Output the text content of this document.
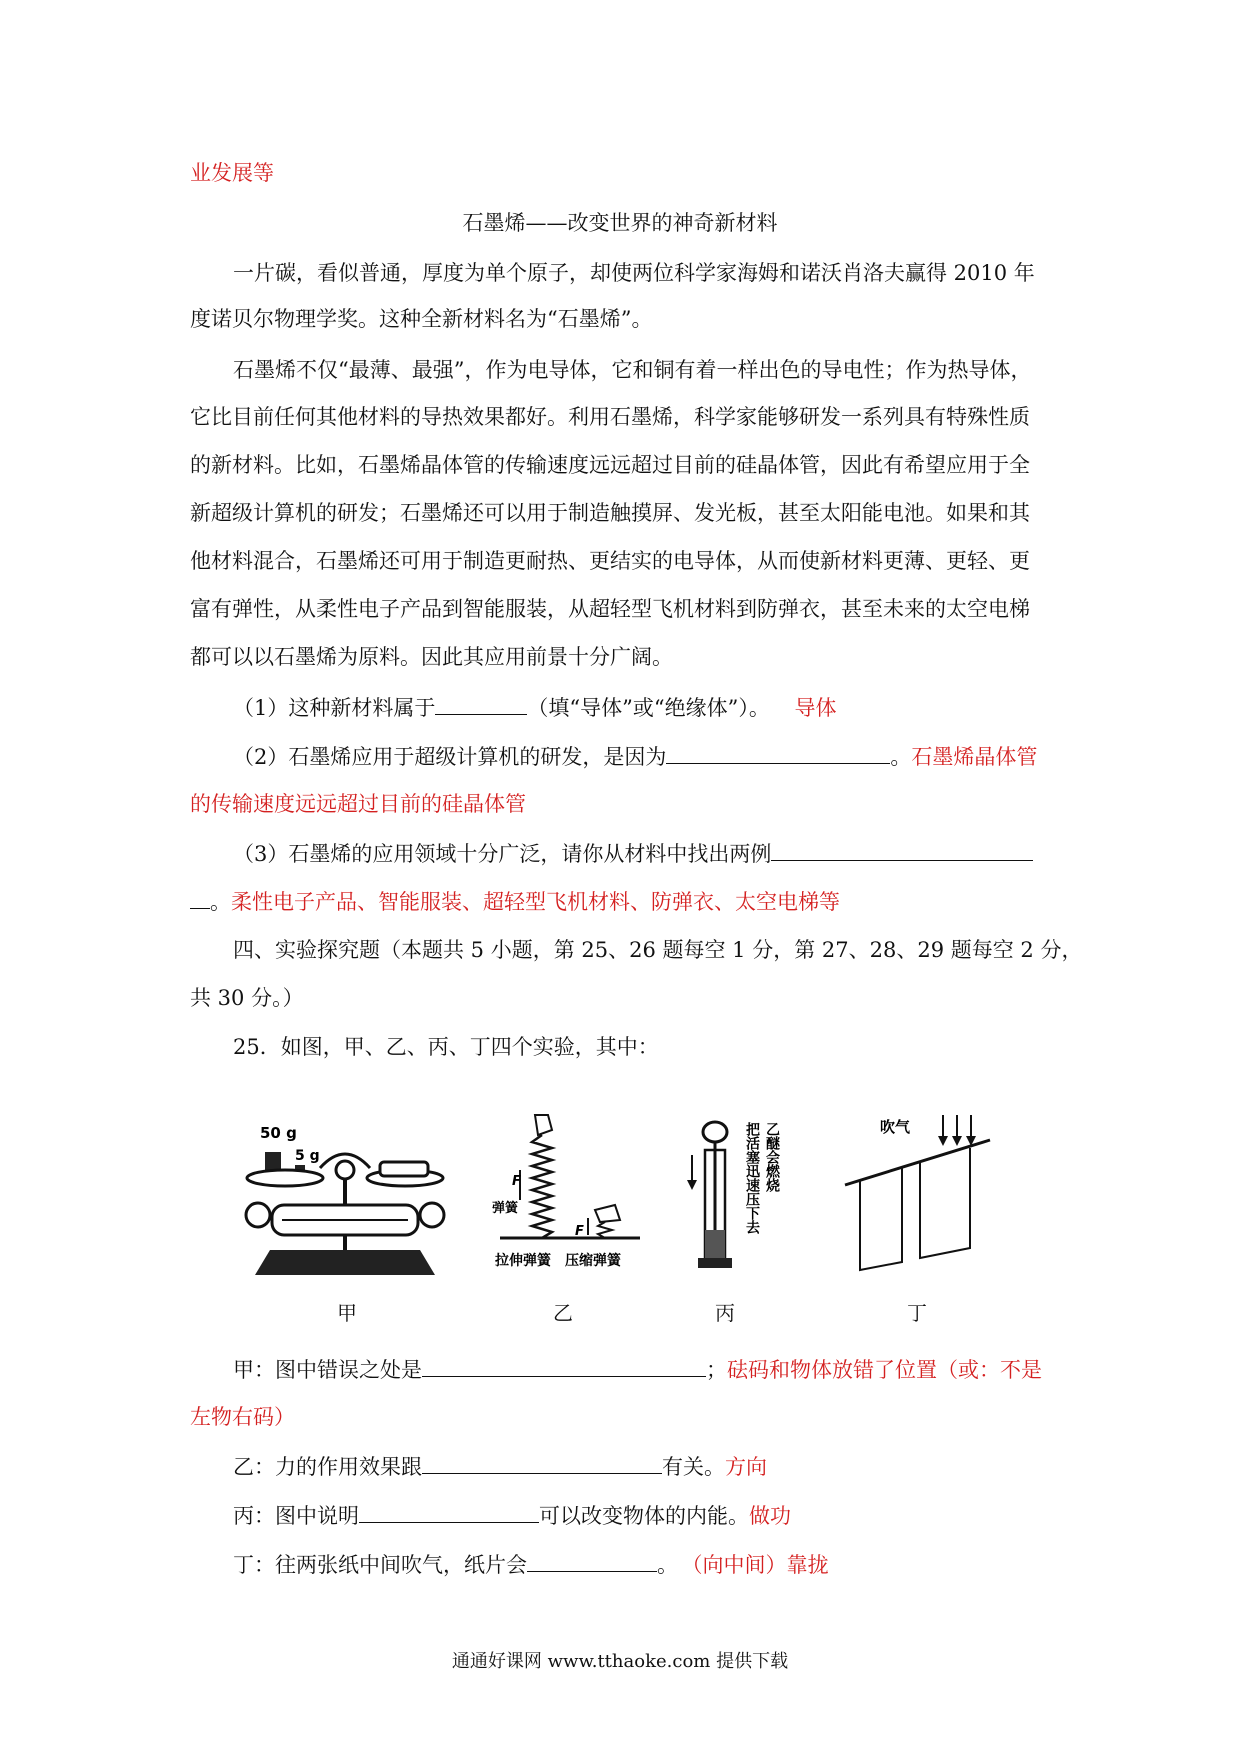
业发展等
石墨烯——改变世界的神奇新材料
一片碳，看似普通，厚度为单个原子，却使两位科学家海姆和诺沃肖洛夫赢得 2010 年
度诺贝尔物理学奖。这种全新材料名为“石墨烯”。
石墨烯不仅“最薄、最强”，作为电导体，它和铜有着一样出色的导电性；作为热导体，
它比目前任何其他材料的导热效果都好。利用石墨烯，科学家能够研发一系列具有特殊性质
的新材料。比如，石墨烯晶体管的传输速度远远超过目前的硅晶体管，因此有希望应用于全
新超级计算机的研发；石墨烯还可以用于制造触摸屏、发光板，甚至太阳能电池。如果和其
他材料混合，石墨烯还可用于制造更耐热、更结实的电导体，从而使新材料更薄、更轻、更
富有弹性，从柔性电子产品到智能服装，从超轻型飞机材料到防弹衣，甚至未来的太空电梯
都可以以石墨烯为原料。因此其应用前景十分广阔。
（1）这种新材料属于	（填“导体”或“绝缘体”）。 导体
（2）石墨烯应用于超级计算机的研发，是因为	。石墨烯晶体管
的传输速度远远超过目前的硅晶体管
（3）石墨烯的应用领域十分广泛，请你从材料中找出两例
。柔性电子产品、智能服装、超轻型飞机材料、防弹衣、太空电梯等
四、实验探究题（本题共 5 小题，第 25、26 题每空 1 分，第 27、28、29 题每空 2 分，
共 30 分。）
25．如图，甲、乙、丙、丁四个实验，其中：
50 g
5 g
F
弹簧
F
拉伸弹簧 压缩弹簧
把活塞迅速压下去 乙醚会燃烧	吹气
甲	乙	丙	丁
甲：图中错误之处是	；砝码和物体放错了位置（或：不是
左物右码）
乙：力的作用效果跟	有关。方向
丙：图中说明	可以改变物体的内能。做功
丁：往两张纸中间吹气，纸片会	。 （向中间）靠拢
通通好课网 www.tthaoke.com 提供下载
